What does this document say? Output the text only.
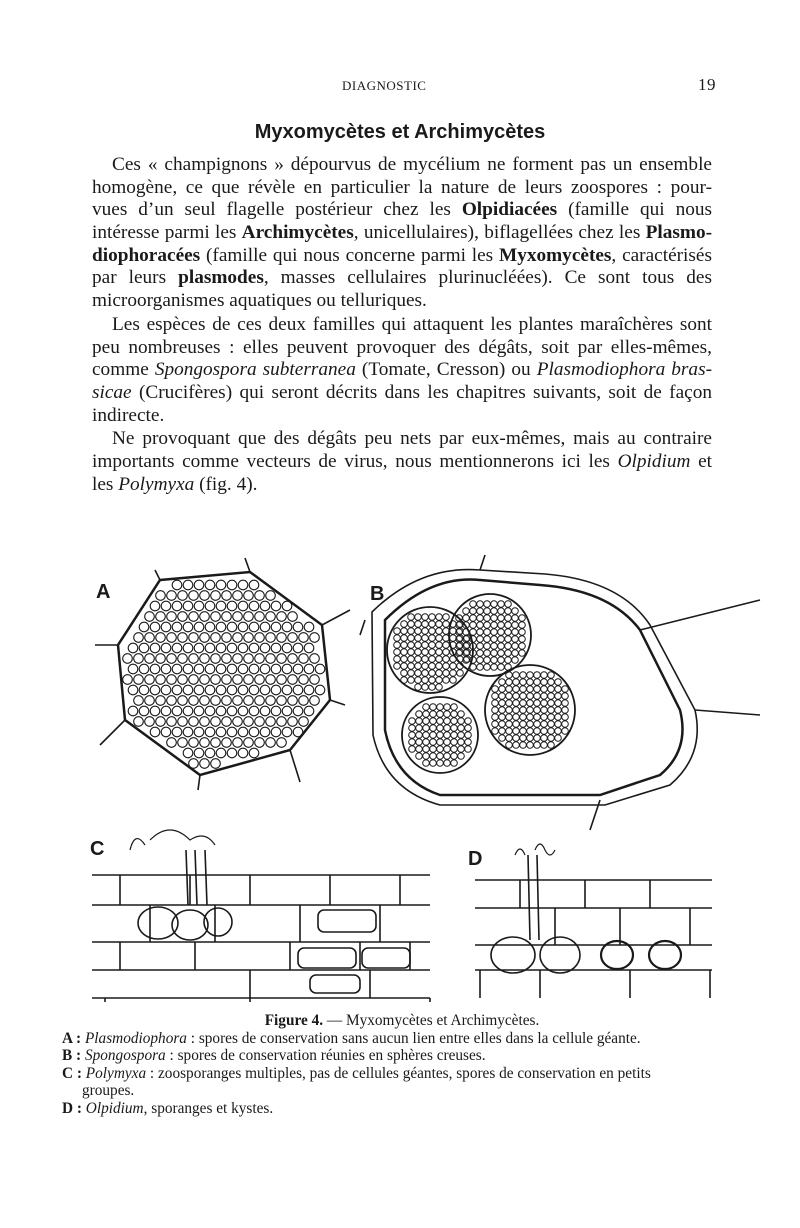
DIAGNOSTIC	19
Myxomycètes et Archimycètes
Ces « champignons » dépourvus de mycélium ne forment pas un ensemble
homogène, ce que révèle en particulier la nature de leurs zoospores : pour-
vues d’un seul flagelle postérieur chez les Olpidiacées (famille qui nous
intéresse parmi les Archimycètes, unicellulaires), biflagellées chez les Plasmo-
diophoracées (famille qui nous concerne parmi les Myxomycètes, caractérisés
par leurs plasmodes, masses cellulaires plurinucléées). Ce sont tous des
microorganismes aquatiques ou telluriques.
Les espèces de ces deux familles qui attaquent les plantes maraîchères sont
peu nombreuses : elles peuvent provoquer des dégâts, soit par elles-mêmes,
comme Spongospora subterranea (Tomate, Cresson) ou Plasmodiophora bras-
sicae (Crucifères) qui seront décrits dans les chapitres suivants, soit de façon
indirecte.
Ne provoquant que des dégâts peu nets par eux-mêmes, mais au contraire
importants comme vecteurs de virus, nous mentionnerons ici les Olpidium et
les Polymyxa (fig. 4).
A	B
C	D
Figure 4. — Myxomycètes et Archimycètes.
A : Plasmodiophora : spores de conservation sans aucun lien entre elles dans la cellule géante.
B : Spongospora : spores de conservation réunies en sphères creuses.
C : Polymyxa : zoosporanges multiples, pas de cellules géantes, spores de conservation en petits
groupes.
D : Olpidium, sporanges et kystes.
